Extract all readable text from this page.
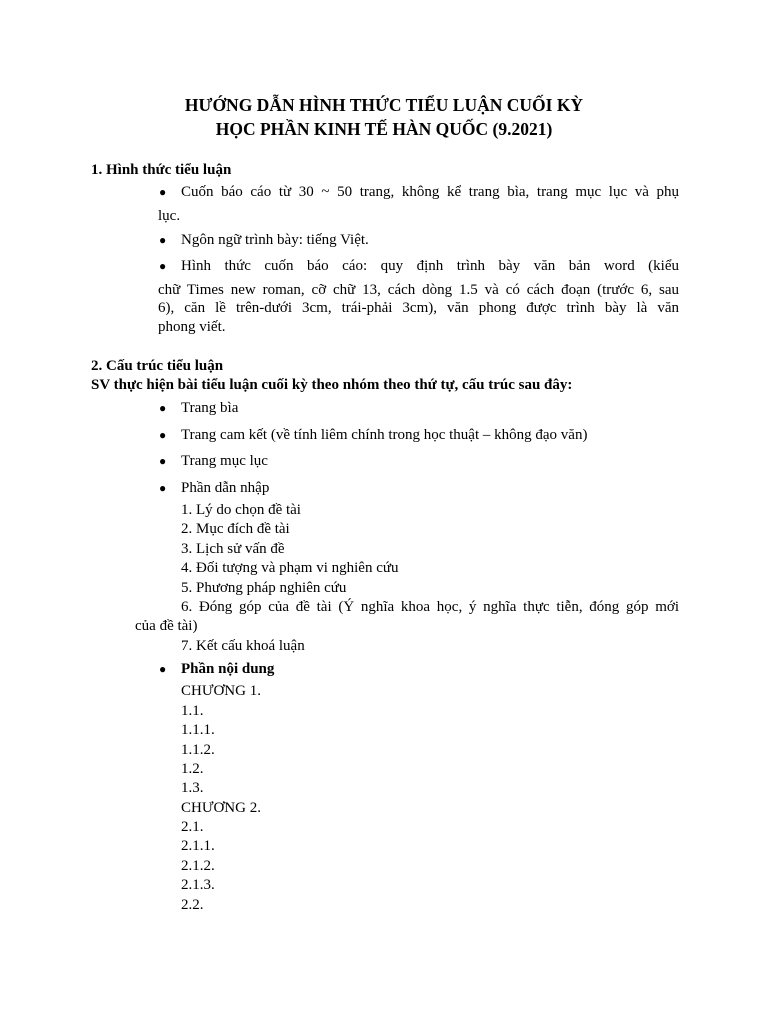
HƯỚNG DẪN HÌNH THỨC TIỂU LUẬN CUỐI KỲ
HỌC PHẦN KINH TẾ HÀN QUỐC (9.2021)
1. Hình thức tiểu luận
● Cuốn báo cáo từ 30 ~ 50 trang, không kể trang bìa, trang mục lục và phụ
lục.
● Ngôn ngữ trình bày: tiếng Việt.
● Hình thức cuốn báo cáo: quy định trình bày văn bản word (kiểu
chữ Times new roman, cỡ chữ 13, cách dòng 1.5 và có cách đoạn (trước 6, sau
6), căn lề trên-dưới 3cm, trái-phải 3cm), văn phong được trình bày là văn
phong viết.
2. Cấu trúc tiểu luận
SV thực hiện bài tiểu luận cuối kỳ theo nhóm theo thứ tự, cấu trúc sau đây:
● Trang bìa
● Trang cam kết (về tính liêm chính trong học thuật – không đạo văn)
● Trang mục lục
● Phần dẫn nhập
1. Lý do chọn đề tài
2. Mục đích đề tài
3. Lịch sử vấn đề
4. Đối tượng và phạm vi nghiên cứu
5. Phương pháp nghiên cứu
6. Đóng góp của đề tài (Ý nghĩa khoa học, ý nghĩa thực tiễn, đóng góp mới
của đề tài)
7. Kết cấu khoá luận
● Phần nội dung
CHƯƠNG 1.
1.1.
1.1.1.
1.1.2.
1.2.
1.3.
CHƯƠNG 2.
2.1.
2.1.1.
2.1.2.
2.1.3.
2.2.
